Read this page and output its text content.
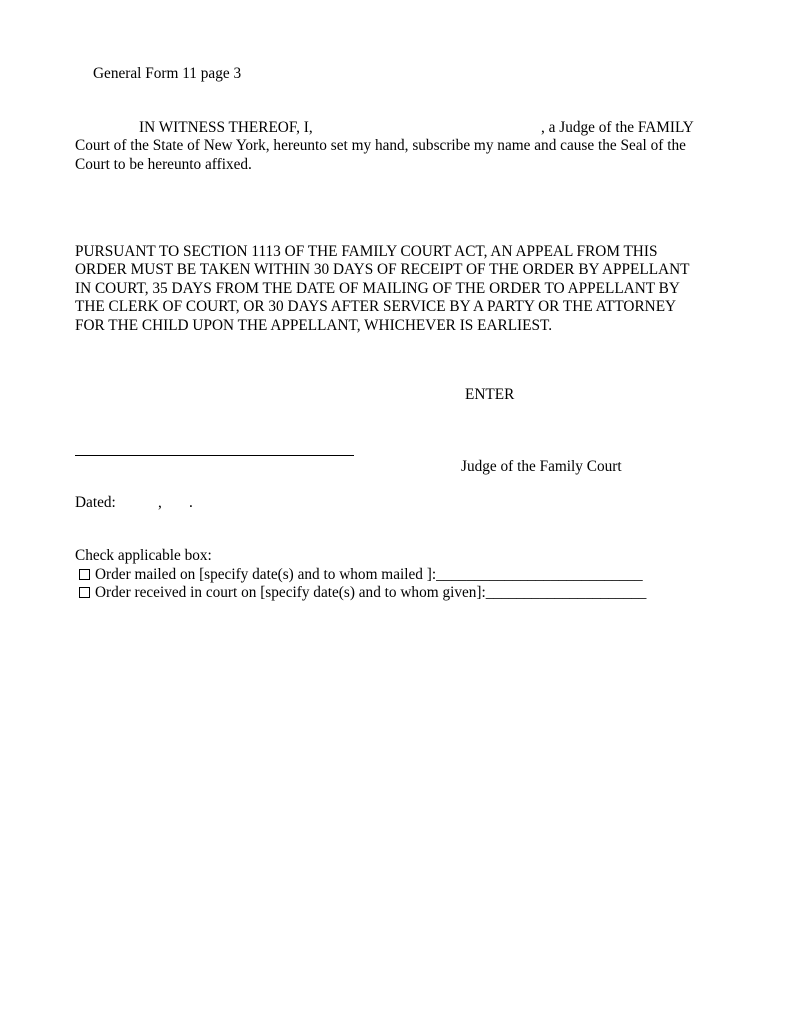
General Form 11 page 3
IN WITNESS THEREOF, I,	, a Judge of the FAMILY
Court of the State of New York, hereunto set my hand, subscribe my name and cause the Seal of the
Court to be hereunto affixed.
PURSUANT TO SECTION 1113 OF THE FAMILY COURT ACT, AN APPEAL FROM THIS
ORDER MUST BE TAKEN WITHIN 30 DAYS OF RECEIPT OF THE ORDER BY APPELLANT
IN COURT, 35 DAYS FROM THE DATE OF MAILING OF THE ORDER TO APPELLANT BY
THE CLERK OF COURT, OR 30 DAYS AFTER SERVICE BY A PARTY OR THE ATTORNEY
FOR THE CHILD UPON THE APPELLANT, WHICHEVER IS EARLIEST.
ENTER
Judge of the Family Court
Dated:	, .
Check applicable box:
Order mailed on [specify date(s) and to whom mailed ]:___________________________
Order received in court on [specify date(s) and to whom given]:_____________________
